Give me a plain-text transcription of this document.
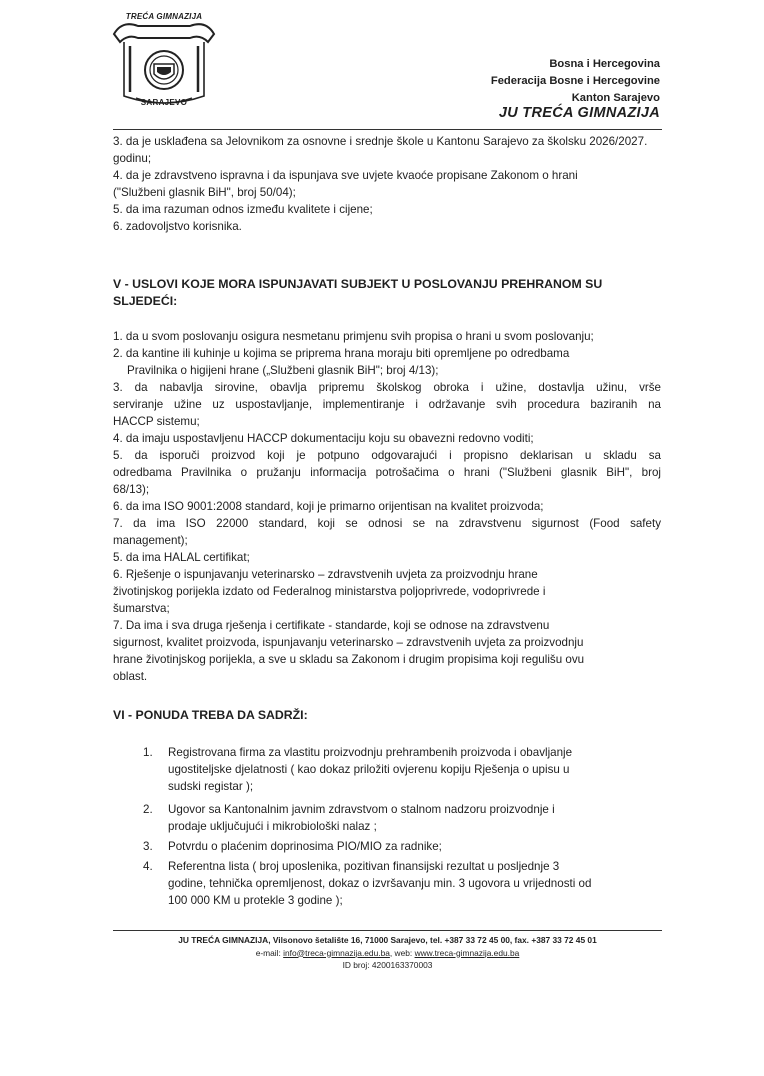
TREĆA GIMNAZIJA
SARAJEVO
Bosna i Hercegovina
Federacija Bosne i Hercegovine
Kanton Sarajevo
JU TREĆA GIMNAZIJA

3. da je usklađena sa Jelovnikom za osnovne i srednje škole u Kantonu Sarajevo za školsku 2026/2027.

godinu;

4. da je zdravstveno ispravna i da ispunjava sve uvjete kvaoće propisane Zakonom o hrani

("Službeni glasnik BiH", broj 50/04);

5. da ima razuman odnos između kvalitete i cijene;

6. zadovoljstvo korisnika.

V - USLOVI KOJE MORA ISPUNJAVATI SUBJEKT U POSLOVANJU PREHRANOM SU SLJEDEĆI:

1. da u svom poslovanju osigura nesmetanu primjenu svih propisa o hrani u svom poslovanju;

2. da kantine ili kuhinje u kojima se priprema hrana moraju biti opremljene po odredbama

Pravilnika o higijeni hrane („Službeni glasnik BiH"; broj 4/13);

3. da nabavlja sirovine, obavlja pripremu školskog obroka i užine, dostavlja užinu, vrše

serviranje užine uz uspostavljanje, implementiranje i održavanje svih procedura baziranih na

HACCP sistemu;

4. da imaju uspostavljenu HACCP dokumentaciju koju su obavezni redovno voditi;

5. da isporuči proizvod koji je potpuno odgovarajući i propisno deklarisan u skladu sa

odredbama Pravilnika o pružanju informacija potrošačima o hrani ("Službeni glasnik BiH", broj

68/13);

6. da ima ISO 9001:2008 standard, koji je primarno orijentisan na kvalitet proizvoda;

7. da ima ISO 22000 standard, koji se odnosi se na zdravstvenu sigurnost (Food safety

management);

5. da ima HALAL certifikat;

6. Rješenje o ispunjavanju veterinarsko – zdravstvenih uvjeta za proizvodnju hrane

životinjskog porijekla izdato od Federalnog ministarstva poljoprivrede, vodoprivrede i

šumarstva;

7. Da ima i sva druga rješenja i certifikate - standarde, koji se odnose na zdravstvenu

sigurnost, kvalitet proizvoda, ispunjavanju veterinarsko – zdravstvenih uvjeta za proizvodnju

hrane životinjskog porijekla, a sve u skladu sa Zakonom i drugim propisima koji regulišu ovu

oblast.

VI - PONUDA TREBA DA SADRŽI:

1. Registrovana firma za vlastitu proizvodnju prehrambenih proizvoda i obavljanje

ugostiteljske djelatnosti ( kao dokaz priložiti ovjerenu kopiju Rješenja o upisu u

sudski registar );

2. Ugovor sa Kantonalnim javnim zdravstvom o stalnom nadzoru proizvodnje i

prodaje uključujući i mikrobiološki nalaz ;

3. Potvrdu o plaćenim doprinosima PIO/MIO za radnike;

4. Referentna lista ( broj uposlenika, pozitivan finansijski rezultat u posljednje 3

godine, tehnička opremljenost, dokaz o izvršavanju min. 3 ugovora u vrijednosti od

100 000 KM u protekle 3 godine );

JU TREĆA GIMNAZIJA, Vilsonovo šetalište 16, 71000 Sarajevo, tel. +387 33 72 45 00, fax. +387 33 72 45 01
e-mail: info@treca-gimnazija.edu.ba, web: www.treca-gimnazija.edu.ba
ID broj: 4200163370003
